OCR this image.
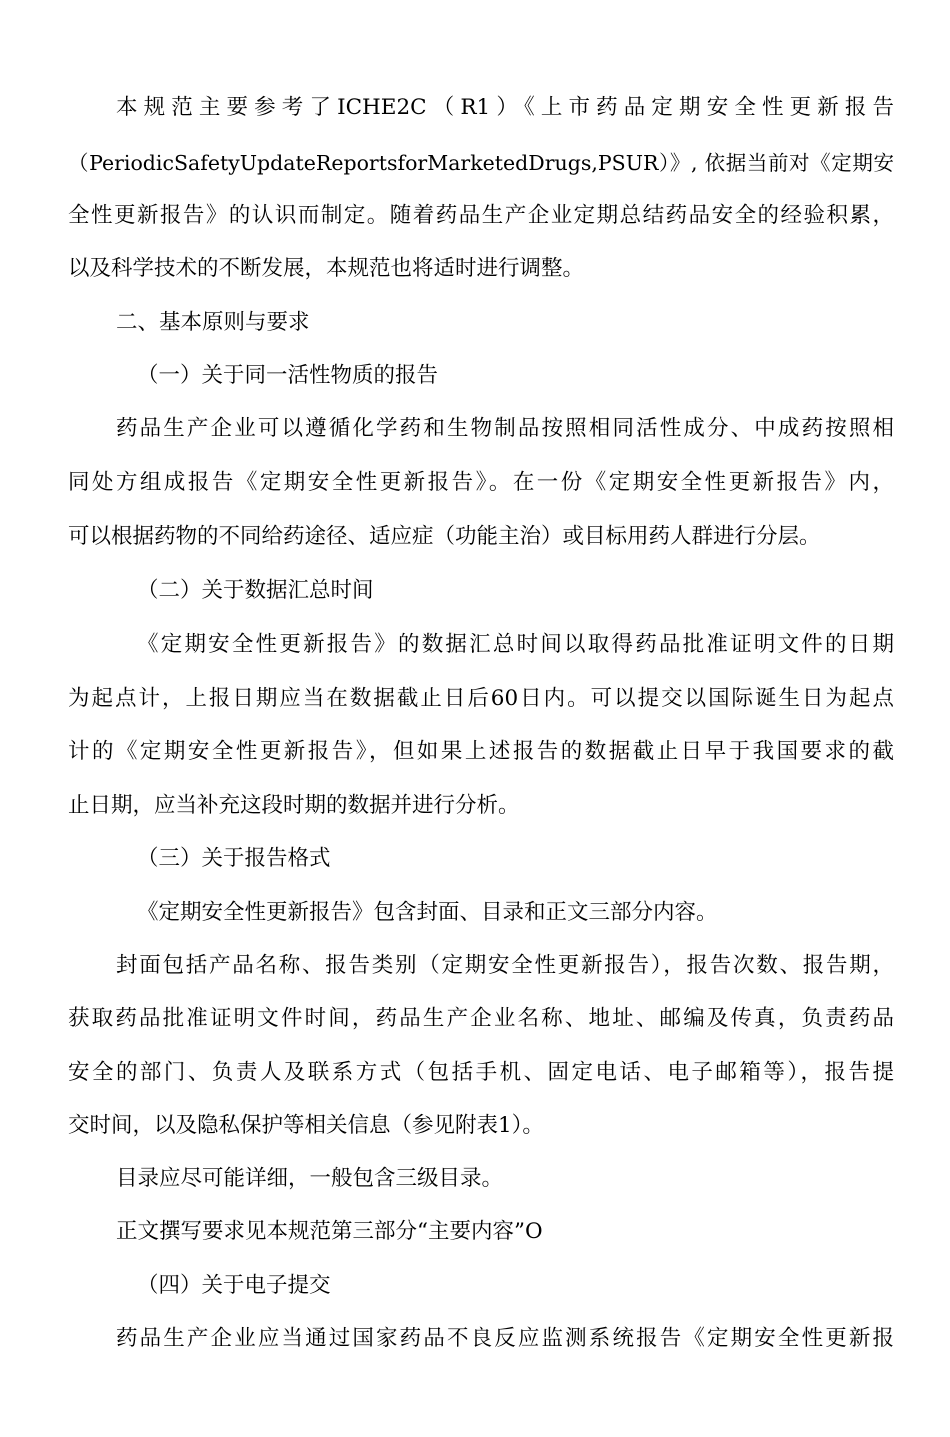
本规范主要参考了ICHE2C（R1）《上市药品定期安全性更新报告
（PeriodicSafetyUpdateReportsforMarketedDrugs,PSUR）》, 依据当前对《定期安
全性更新报告》的认识而制定。随着药品生产企业定期总结药品安全的经验积累，
以及科学技术的不断发展，本规范也将适时进行调整。
二、基本原则与要求
（一）关于同一活性物质的报告
药品生产企业可以遵循化学药和生物制品按照相同活性成分、中成药按照相
同处方组成报告《定期安全性更新报告》。在一份《定期安全性更新报告》内，
可以根据药物的不同给药途径、适应症（功能主治）或目标用药人群进行分层。
（二）关于数据汇总时间
《定期安全性更新报告》的数据汇总时间以取得药品批准证明文件的日期
为起点计，上报日期应当在数据截止日后60日内。可以提交以国际诞生日为起点
计的《定期安全性更新报告》，但如果上述报告的数据截止日早于我国要求的截
止日期，应当补充这段时期的数据并进行分析。
（三）关于报告格式
《定期安全性更新报告》包含封面、目录和正文三部分内容。
封面包括产品名称、报告类别（定期安全性更新报告），报告次数、报告期，
获取药品批准证明文件时间，药品生产企业名称、地址、邮编及传真，负责药品
安全的部门、负责人及联系方式（包括手机、固定电话、电子邮箱等），报告提
交时间，以及隐私保护等相关信息（参见附表1）。
目录应尽可能详细，一般包含三级目录。
正文撰写要求见本规范第三部分“主要内容”O
（四）关于电子提交
药品生产企业应当通过国家药品不良反应监测系统报告《定期安全性更新报
